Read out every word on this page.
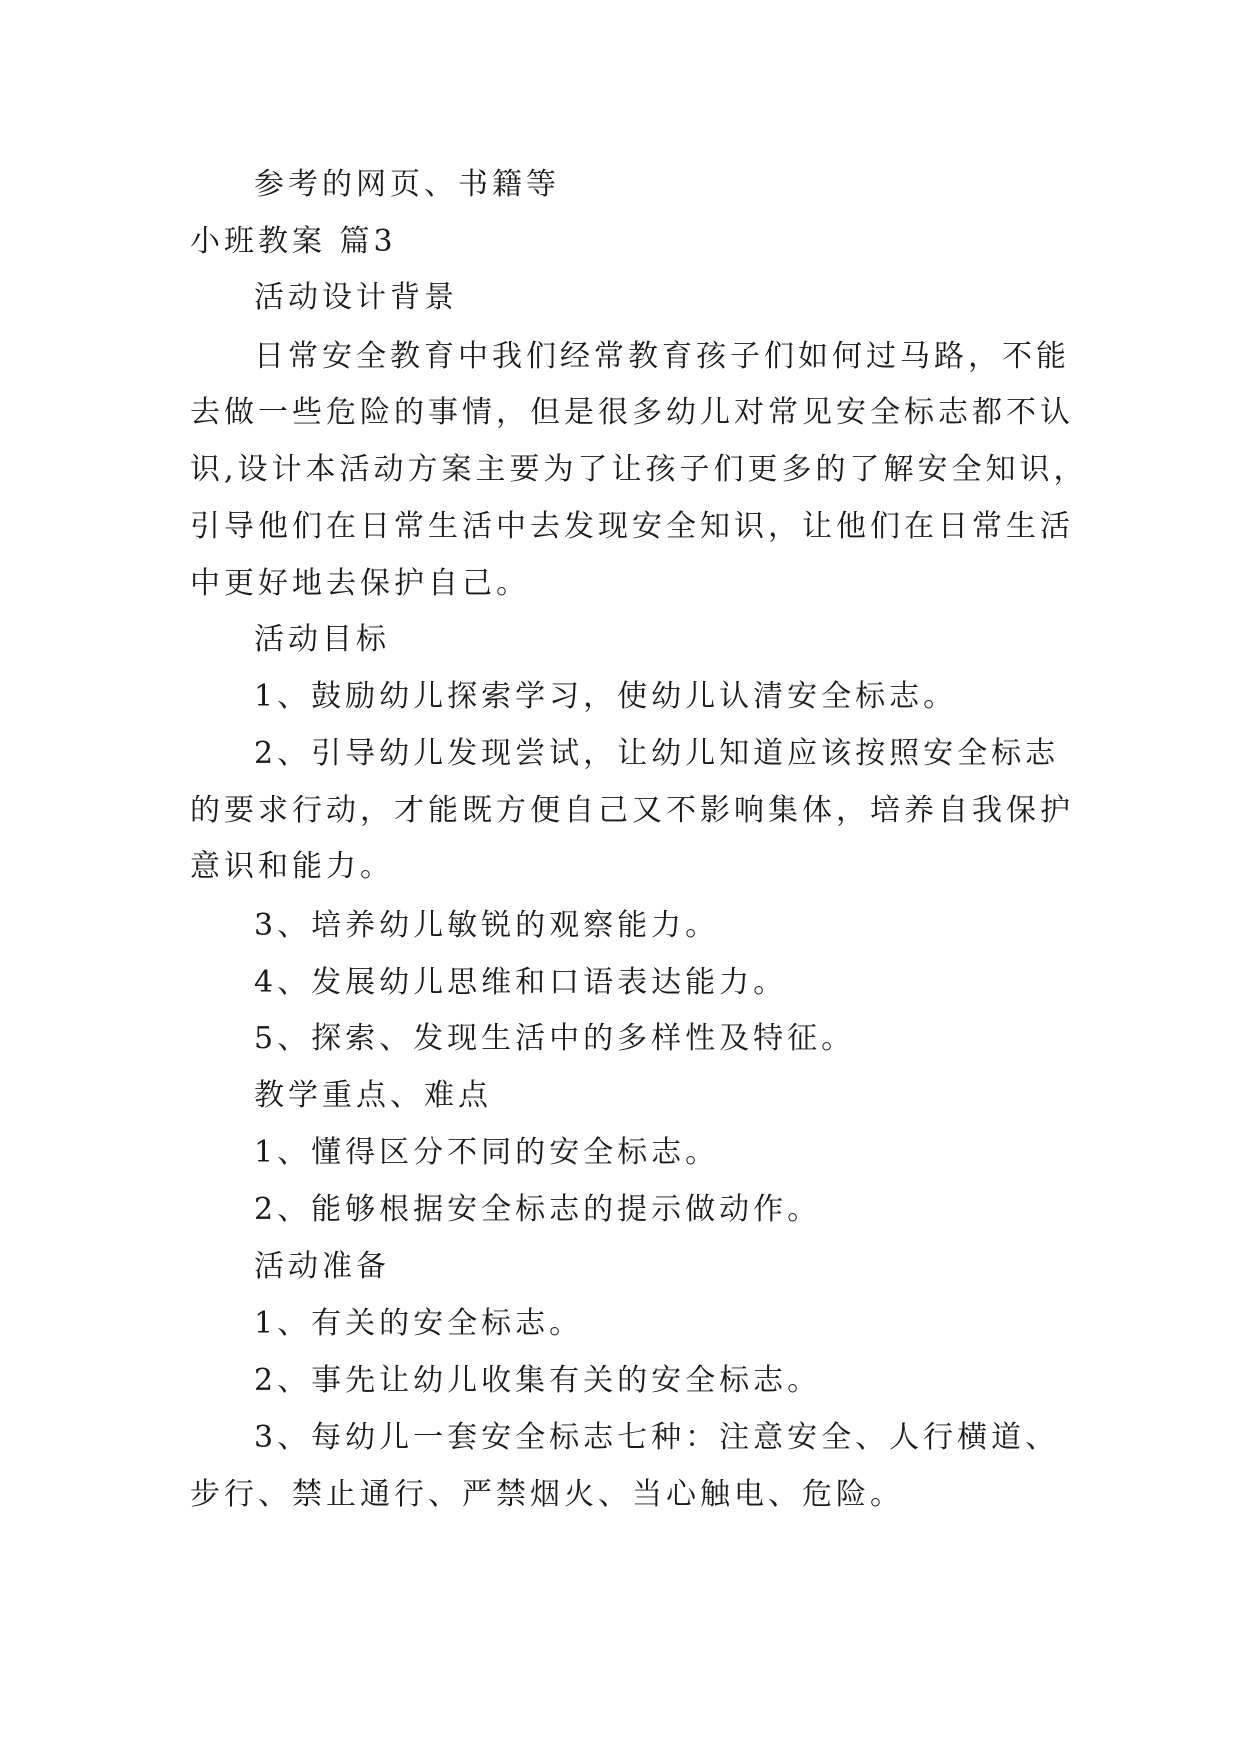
参考的网页、书籍等
小班教案 篇3
活动设计背景
日常安全教育中我们经常教育孩子们如何过马路，不能
去做一些危险的事情，但是很多幼儿对常见安全标志都不认
识,设计本活动方案主要为了让孩子们更多的了解安全知识，
引导他们在日常生活中去发现安全知识，让他们在日常生活
中更好地去保护自己。
活动目标
1、鼓励幼儿探索学习，使幼儿认清安全标志。
2、引导幼儿发现尝试，让幼儿知道应该按照安全标志
的要求行动，才能既方便自己又不影响集体，培养自我保护
意识和能力。
3、培养幼儿敏锐的观察能力。
4、发展幼儿思维和口语表达能力。
5、探索、发现生活中的多样性及特征。
教学重点、难点
1、懂得区分不同的安全标志。
2、能够根据安全标志的提示做动作。
活动准备
1、有关的安全标志。
2、事先让幼儿收集有关的安全标志。
3、每幼儿一套安全标志七种：注意安全、人行横道、
步行、禁止通行、严禁烟火、当心触电、危险。
